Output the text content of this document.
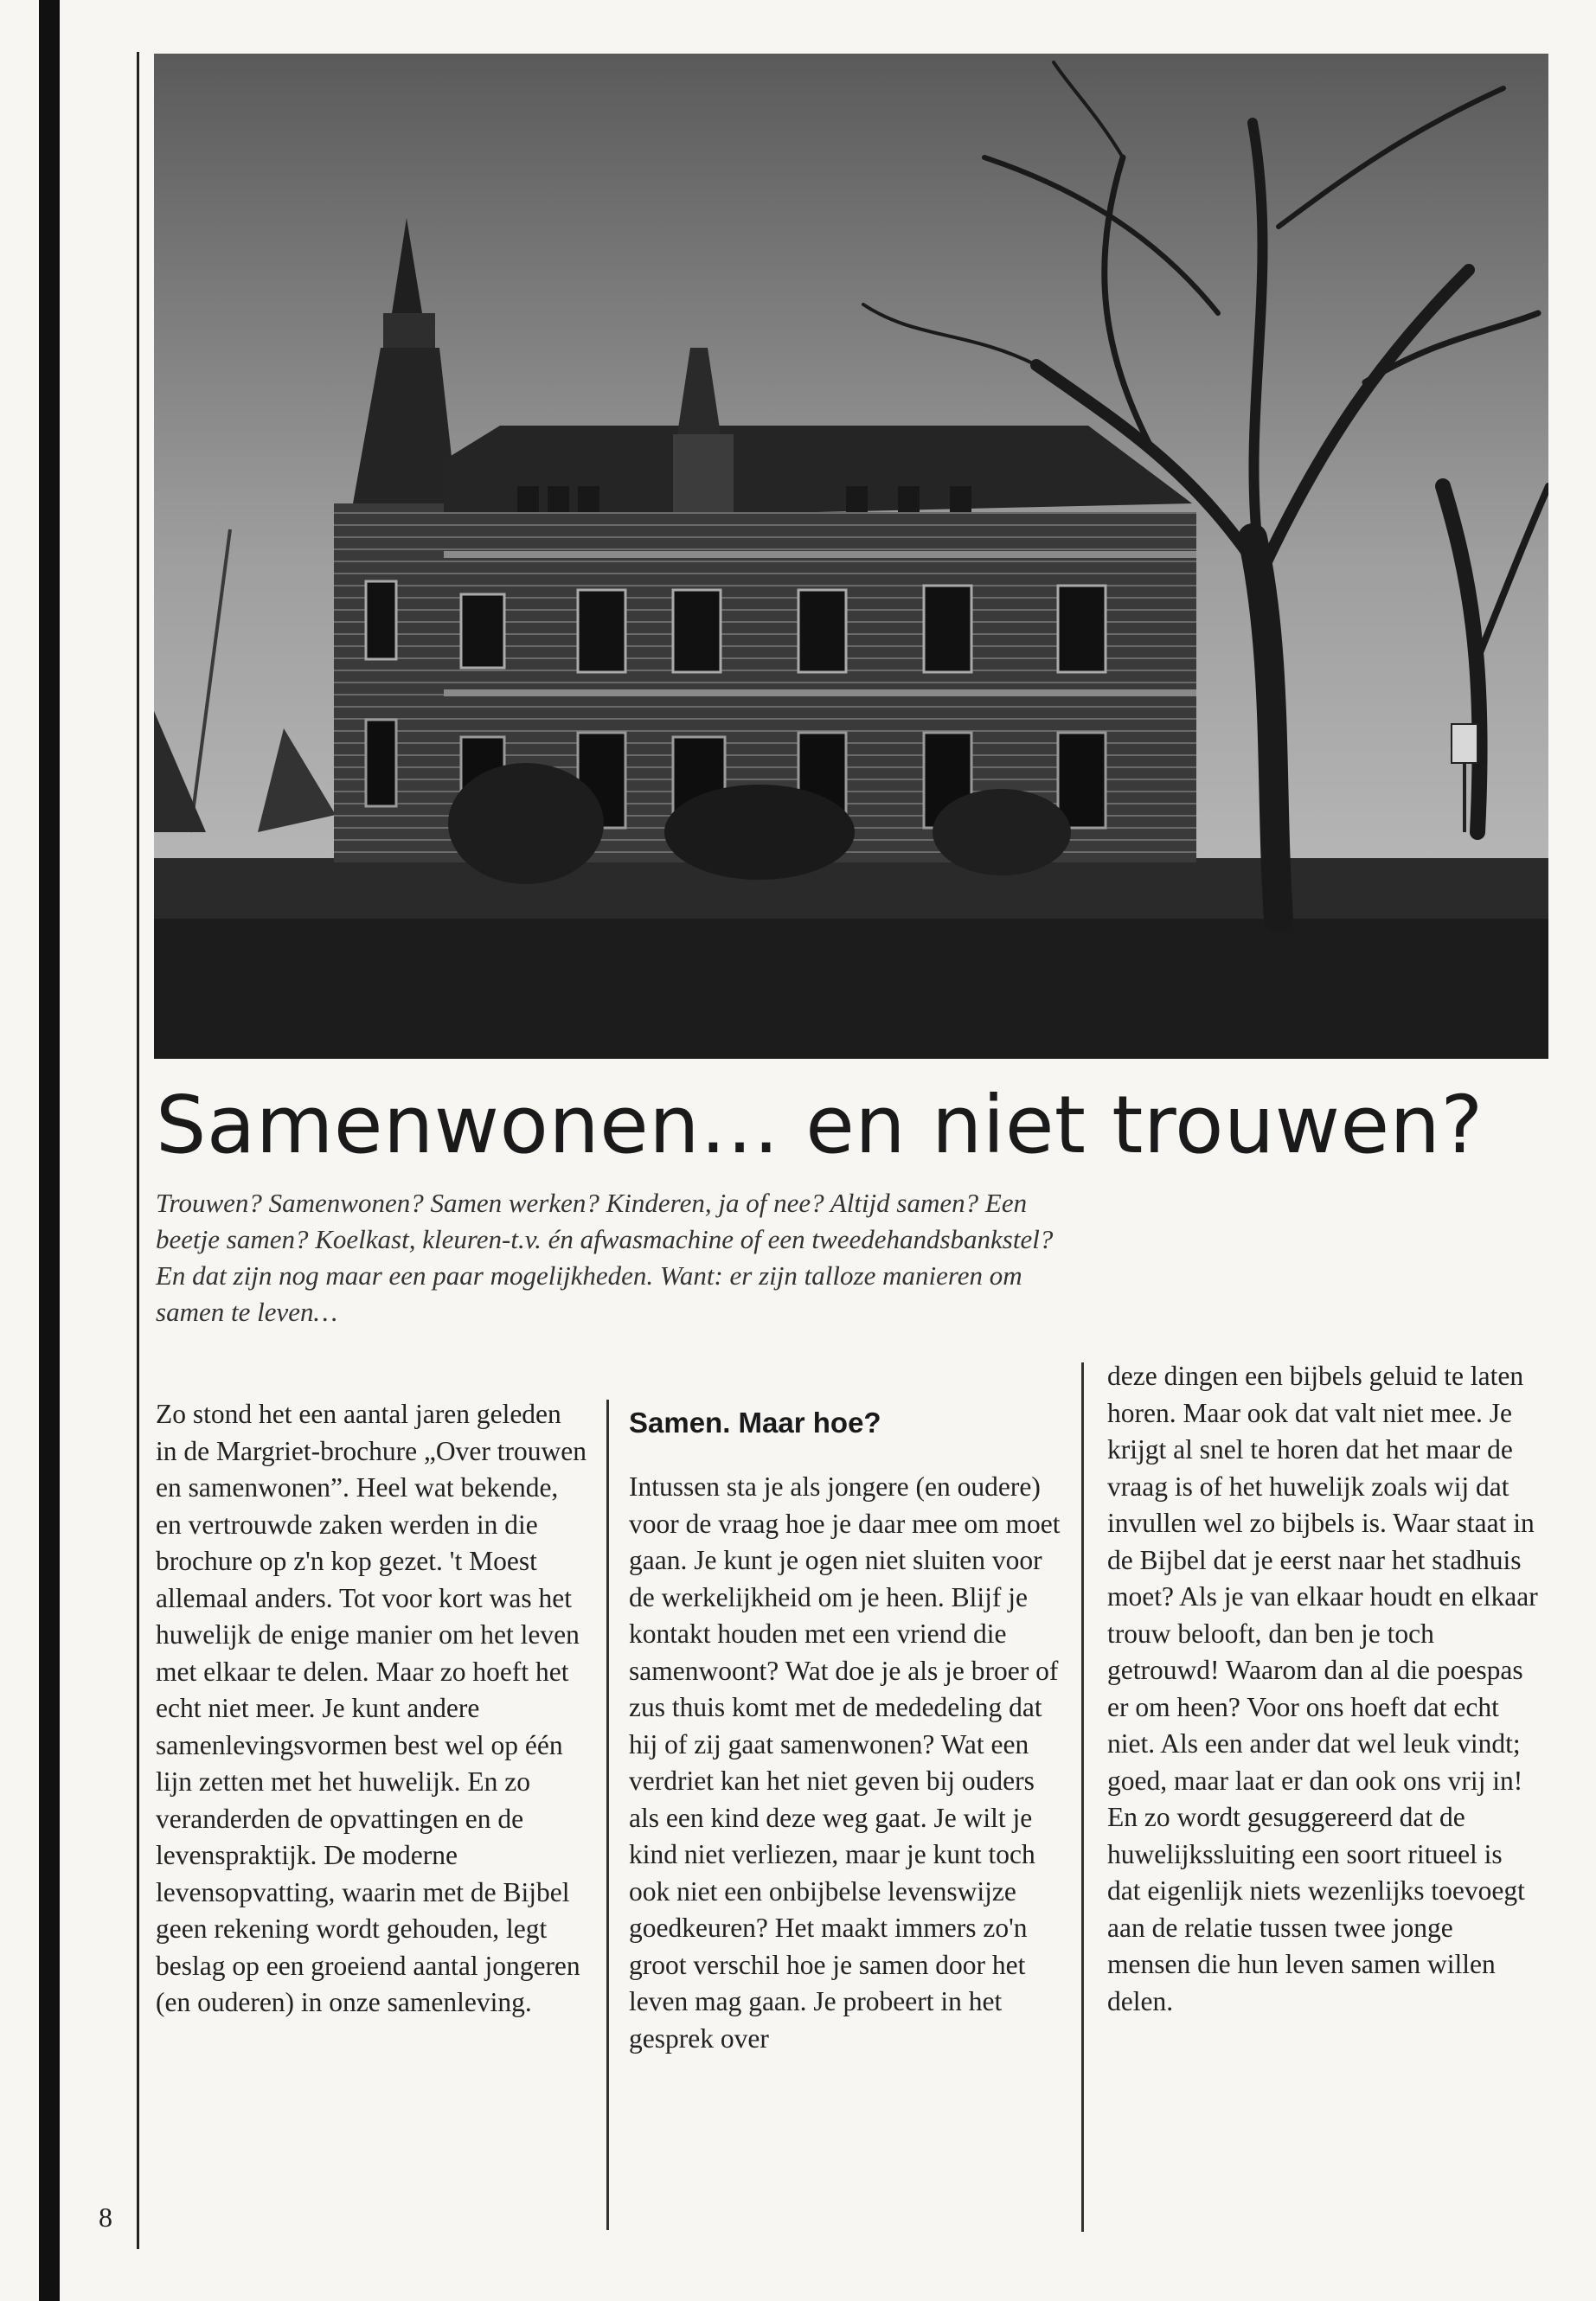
Samenwonen… en niet trouwen?
Trouwen? Samenwonen? Samen werken? Kinderen, ja of nee? Altijd samen? Een beetje samen? Koelkast, kleuren-t.v. én afwasmachine of een tweedehandsbankstel? En dat zijn nog maar een paar mogelijkheden. Want: er zijn talloze manieren om samen te leven…

Zo stond het een aantal jaren geleden in de Margriet-brochure „Over trouwen en samenwonen”. Heel wat bekende, en vertrouwde zaken werden in die brochure op z'n kop gezet. 't Moest allemaal anders. Tot voor kort was het huwelijk de enige manier om het leven met elkaar te delen. Maar zo hoeft het echt niet meer. Je kunt andere samenlevingsvormen best wel op één lijn zetten met het huwelijk. En zo veranderden de opvattingen en de levenspraktijk. De moderne levensopvatting, waarin met de Bijbel geen rekening wordt gehouden, legt beslag op een groeiend aantal jongeren (en ouderen) in onze samenleving.

Samen. Maar hoe?

Intussen sta je als jongere (en oudere) voor de vraag hoe je daar mee om moet gaan. Je kunt je ogen niet sluiten voor de werkelijkheid om je heen. Blijf je kontakt houden met een vriend die samenwoont? Wat doe je als je broer of zus thuis komt met de mededeling dat hij of zij gaat samenwonen? Wat een verdriet kan het niet geven bij ouders als een kind deze weg gaat. Je wilt je kind niet verliezen, maar je kunt toch ook niet een onbijbelse levenswijze goedkeuren? Het maakt immers zo'n groot verschil hoe je samen door het leven mag gaan. Je probeert in het gesprek over

deze dingen een bijbels geluid te laten horen. Maar ook dat valt niet mee. Je krijgt al snel te horen dat het maar de vraag is of het huwelijk zoals wij dat invullen wel zo bijbels is. Waar staat in de Bijbel dat je eerst naar het stadhuis moet? Als je van elkaar houdt en elkaar trouw belooft, dan ben je toch getrouwd! Waarom dan al die poespas er om heen? Voor ons hoeft dat echt niet. Als een ander dat wel leuk vindt; goed, maar laat er dan ook ons vrij in! En zo wordt gesuggereerd dat de huwelijkssluiting een soort ritueel is dat eigenlijk niets wezenlijks toevoegt aan de relatie tussen twee jonge mensen die hun leven samen willen delen.

8
